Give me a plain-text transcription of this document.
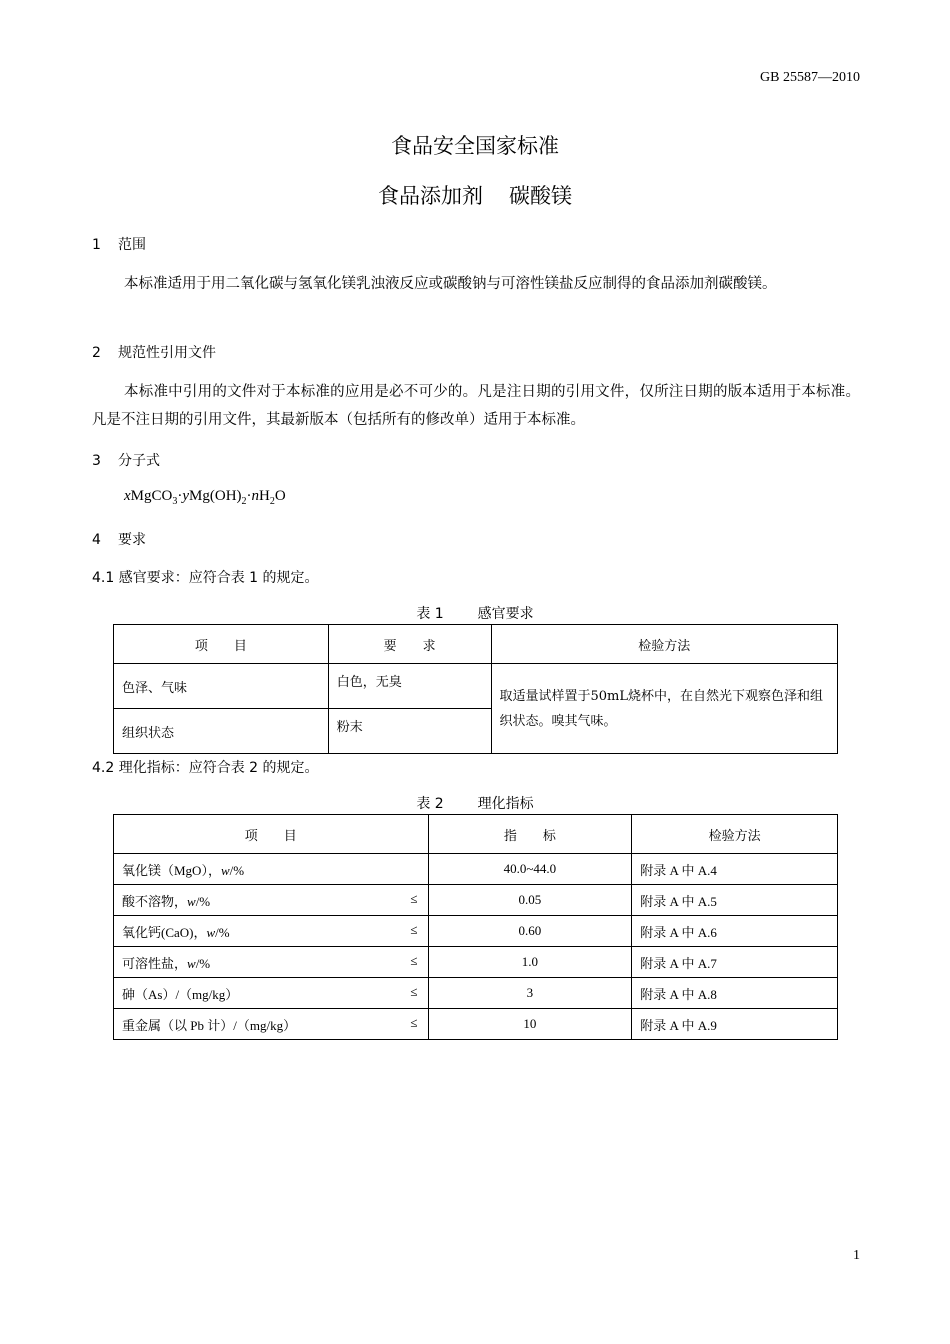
GB 25587—2010
食品安全国家标准
食品添加剂 碳酸镁
1 范围
本标准适用于用二氧化碳与氢氧化镁乳浊液反应或碳酸钠与可溶性镁盐反应制得的食品添加剂碳酸镁。
2 规范性引用文件
本标准中引用的文件对于本标准的应用是必不可少的。凡是注日期的引用文件，仅所注日期的版本适用于本标准。凡是不注日期的引用文件，其最新版本（包括所有的修改单）适用于本标准。
3 分子式
$xMgCO_3\cdot yMg(OH)_2\cdot nH_2O$
4 要求
4.1 感官要求：应符合表 1 的规定。
表 1 感官要求
项　　目	要　　求	检验方法
色泽、气味	白色，无臭	取适量试样置于50mL烧杯中，在自然光下观察色泽和组织状态。嗅其气味。
组织状态	粉末	
4.2 理化指标：应符合表 2 的规定。
表 2 理化指标
项　　目	指　　标	检验方法
氧化镁（MgO），w/%	40.0~44.0	附录 A 中 A.4
酸不溶物，w/% ≤	0.05	附录 A 中 A.5
氧化钙(CaO)，w/% ≤	0.60	附录 A 中 A.6
可溶性盐，w/% ≤	1.0	附录 A 中 A.7
砷（As）/（mg/kg） ≤	3	附录 A 中 A.8
重金属（以 Pb 计）/（mg/kg） ≤	10	附录 A 中 A.9
1
